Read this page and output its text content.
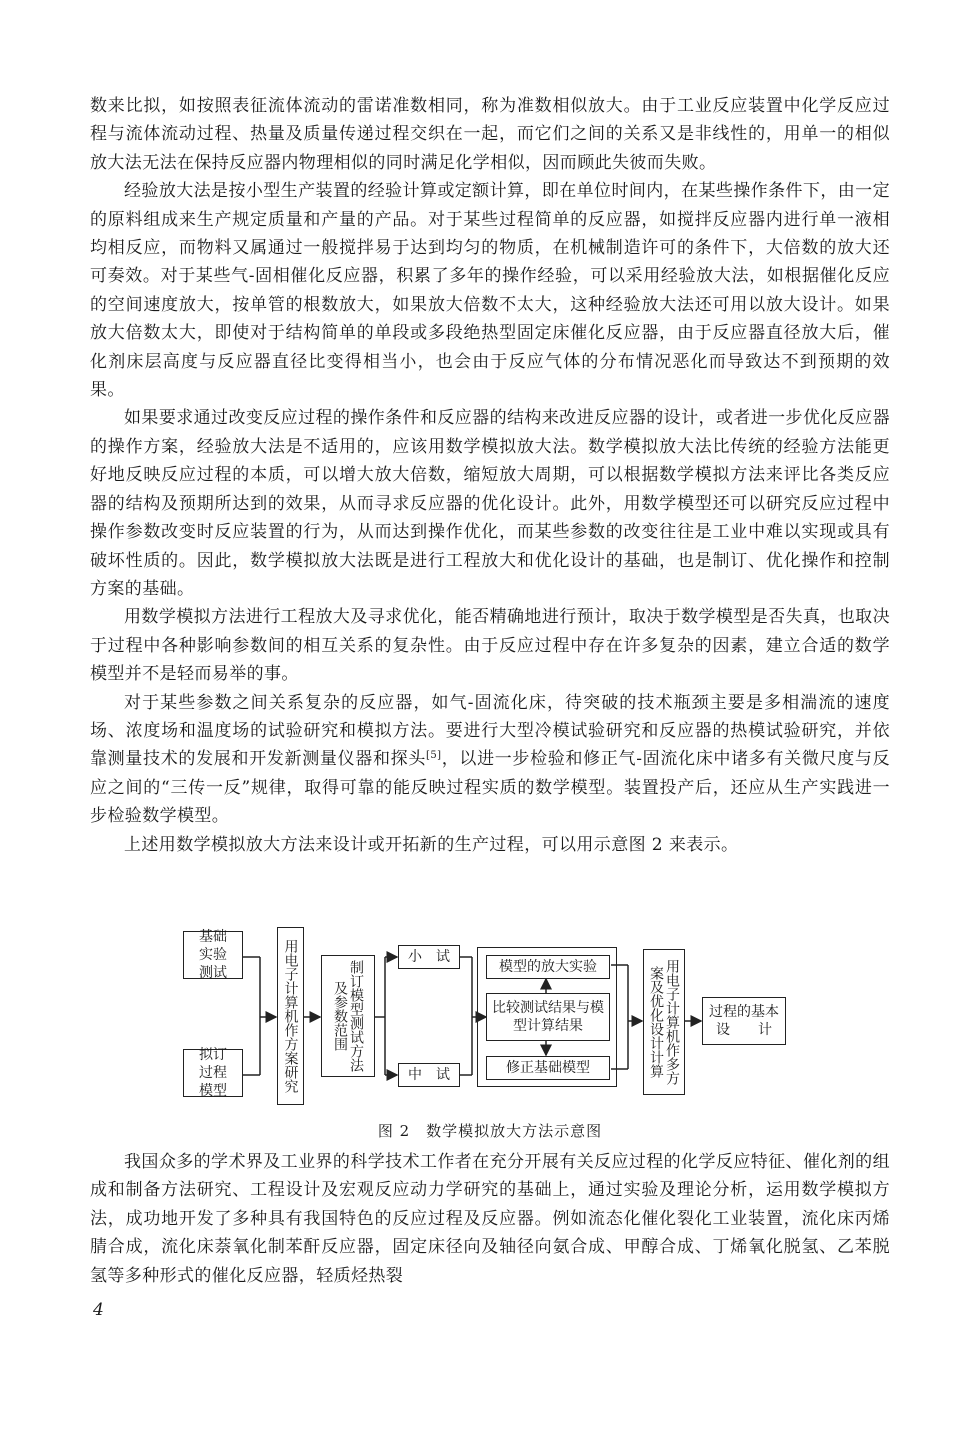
数来比拟，如按照表征流体流动的雷诺准数相同，称为准数相似放大。由于工业反应装置中化学反应过程与流体流动过程、热量及质量传递过程交织在一起，而它们之间的关系又是非线性的，用单一的相似放大法无法在保持反应器内物理相似的同时满足化学相似，因而顾此失彼而失败。

经验放大法是按小型生产装置的经验计算或定额计算，即在单位时间内，在某些操作条件下，由一定的原料组成来生产规定质量和产量的产品。对于某些过程简单的反应器，如搅拌反应器内进行单一液相均相反应，而物料又属通过一般搅拌易于达到均匀的物质，在机械制造许可的条件下，大倍数的放大还可奏效。对于某些气-固相催化反应器，积累了多年的操作经验，可以采用经验放大法，如根据催化反应的空间速度放大，按单管的根数放大，如果放大倍数不太大，这种经验放大法还可用以放大设计。如果放大倍数太大，即使对于结构简单的单段或多段绝热型固定床催化反应器，由于反应器直径放大后，催化剂床层高度与反应器直径比变得相当小，也会由于反应气体的分布情况恶化而导致达不到预期的效果。

如果要求通过改变反应过程的操作条件和反应器的结构来改进反应器的设计，或者进一步优化反应器的操作方案，经验放大法是不适用的，应该用数学模拟放大法。数学模拟放大法比传统的经验方法能更好地反映反应过程的本质，可以增大放大倍数，缩短放大周期，可以根据数学模拟方法来评比各类反应器的结构及预期所达到的效果，从而寻求反应器的优化设计。此外，用数学模型还可以研究反应过程中操作参数改变时反应装置的行为，从而达到操作优化，而某些参数的改变往往是工业中难以实现或具有破坏性质的。因此，数学模拟放大法既是进行工程放大和优化设计的基础，也是制订、优化操作和控制方案的基础。

用数学模拟方法进行工程放大及寻求优化，能否精确地进行预计，取决于数学模型是否失真，也取决于过程中各种影响参数间的相互关系的复杂性。由于反应过程中存在许多复杂的因素，建立合适的数学模型并不是轻而易举的事。

对于某些参数之间关系复杂的反应器，如气-固流化床，待突破的技术瓶颈主要是多相湍流的速度场、浓度场和温度场的试验研究和模拟方法。要进行大型冷模试验研究和反应器的热模试验研究，并依靠测量技术的发展和开发新测量仪器和探头[5]，以进一步检验和修正气-固流化床中诸多有关微尺度与反应之间的“三传一反”规律，取得可靠的能反映过程实质的数学模型。装置投产后，还应从生产实践进一步检验数学模型。

上述用数学模拟放大方法来设计或开拓新的生产过程，可以用示意图 2 来表示。

基础实验测试
拟订过程模型	用电子计算机作方案研究	制订模型测试方法及参数范围
小　试
中　试
模型的放大实验
比较测试结果与模型计算结果
修正基础模型	用电子计算机作多方案及优化设计计算	过程的基本设　　计
图 2　数学模拟放大方法示意图

我国众多的学术界及工业界的科学技术工作者在充分开展有关反应过程的化学反应特征、催化剂的组成和制备方法研究、工程设计及宏观反应动力学研究的基础上，通过实验及理论分析，运用数学模拟方法，成功地开发了多种具有我国特色的反应过程及反应器。例如流态化催化裂化工业装置，流化床丙烯腈合成，流化床萘氧化制苯酐反应器，固定床径向及轴径向氨合成、甲醇合成、丁烯氧化脱氢、乙苯脱氢等多种形式的催化反应器，轻质烃热裂

4
